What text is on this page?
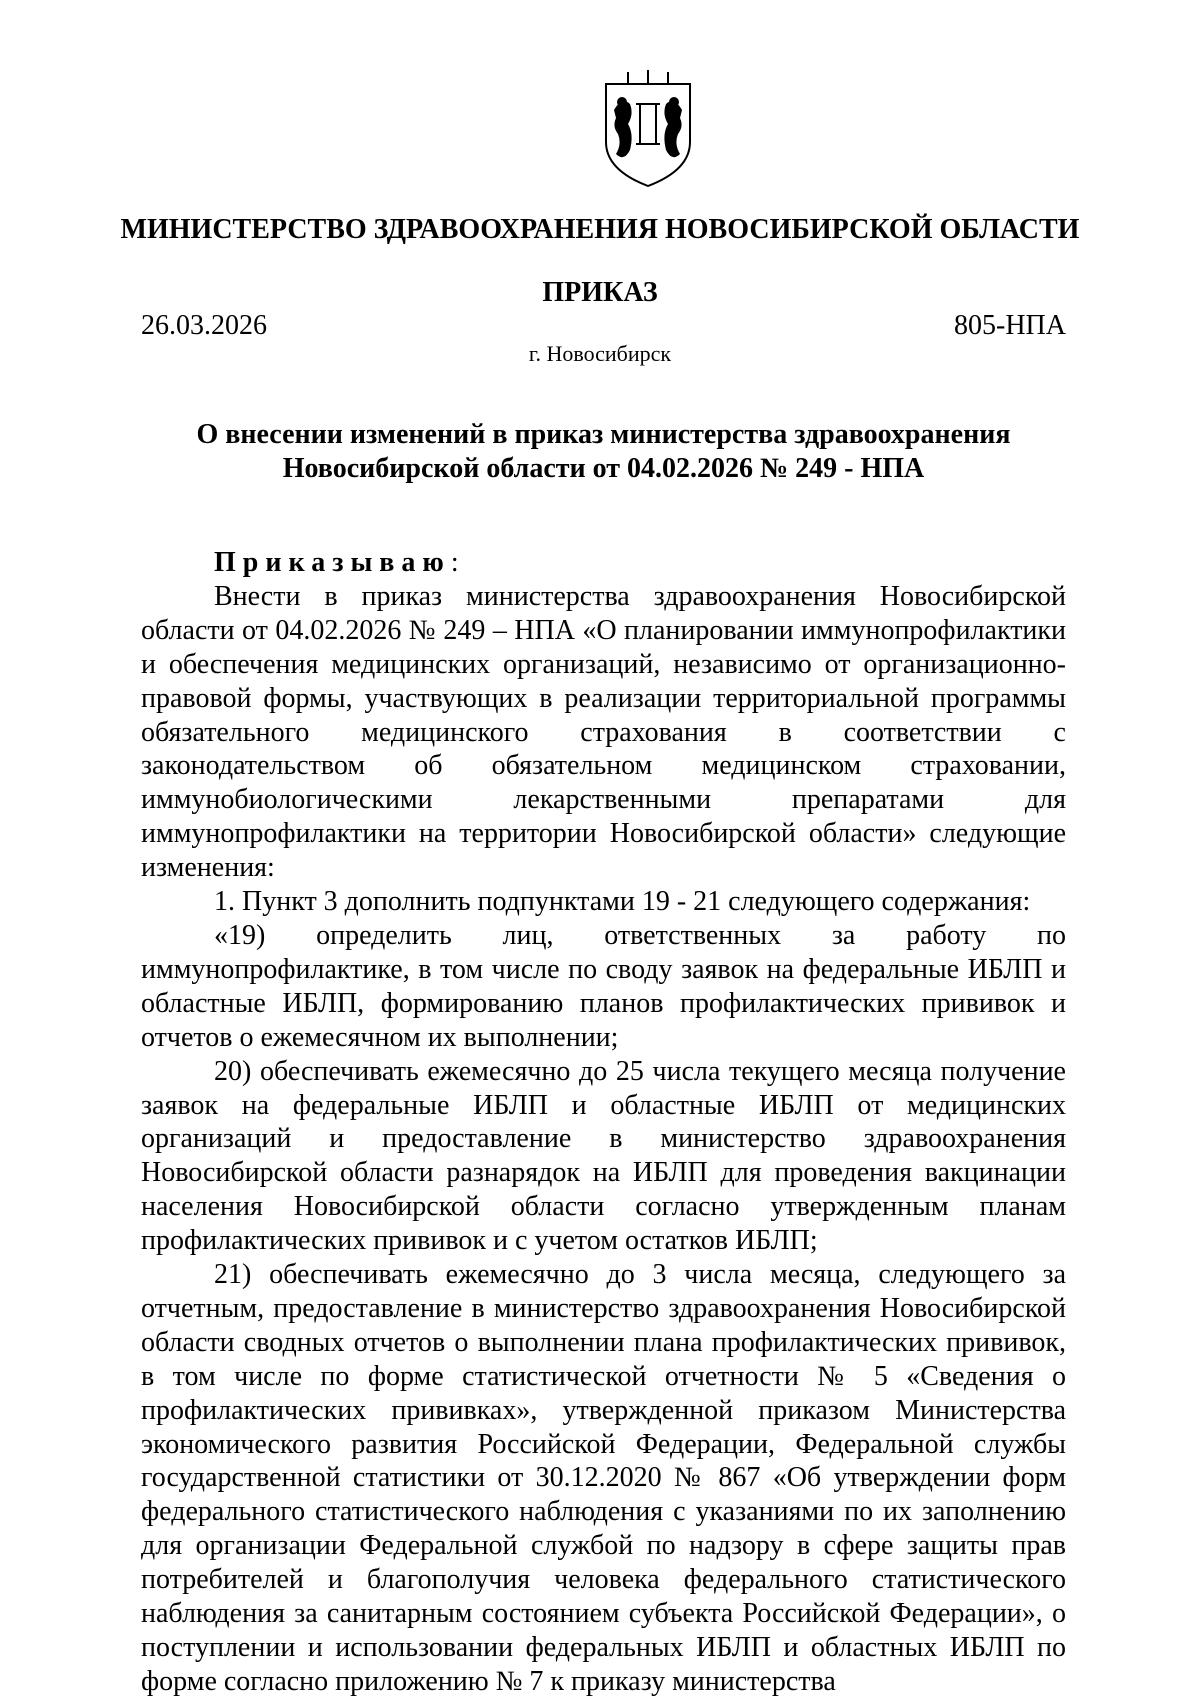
МИНИСТЕРСТВО ЗДРАВООХРАНЕНИЯ НОВОСИБИРСКОЙ ОБЛАСТИ
ПРИКАЗ
26.03.2026	805-НПА
г. Новосибирск
О внесении изменений в приказ министерства здравоохранения
Новосибирской области от 04.02.2026 № 249 - НПА

Приказываю:

Внести в приказ министерства здравоохранения Новосибирской области от 04.02.2026 № 249 – НПА «О планировании иммунопрофилактики и обеспечения медицинских организаций, независимо от организационно-правовой формы, участвующих в реализации территориальной программы обязательного медицинского страхования в соответствии с законодательством об обязательном медицинском страховании, иммунобиологическими лекарственными препаратами для иммунопрофилактики на территории Новосибирской области» следующие изменения:

1. Пункт 3 дополнить подпунктами 19 - 21 следующего содержания:

«19) определить лиц, ответственных за работу по иммунопрофилактике, в том числе по своду заявок на федеральные ИБЛП и областные ИБЛП, формированию планов профилактических прививок и отчетов о ежемесячном их выполнении;

20) обеспечивать ежемесячно до 25 числа текущего месяца получение заявок на федеральные ИБЛП и областные ИБЛП от медицинских организаций и предоставление в министерство здравоохранения Новосибирской области разнарядок на ИБЛП для проведения вакцинации населения Новосибирской области согласно утвержденным планам профилактических прививок и с учетом остатков ИБЛП;

21) обеспечивать ежемесячно до 3 числа месяца, следующего за отчетным, предоставление в министерство здравоохранения Новосибирской области сводных отчетов о выполнении плана профилактических прививок, в том числе по форме статистической отчетности № 5 «Сведения о профилактических прививках», утвержденной приказом Министерства экономического развития Российской Федерации, Федеральной службы государственной статистики от 30.12.2020 № 867 «Об утверждении форм федерального статистического наблюдения с указаниями по их заполнению для организации Федеральной службой по надзору в сфере защиты прав потребителей и благополучия человека федерального статистического наблюдения за санитарным состоянием субъекта Российской Федерации», о поступлении и использовании федеральных ИБЛП и областных ИБЛП по форме согласно приложению № 7 к приказу министерства
